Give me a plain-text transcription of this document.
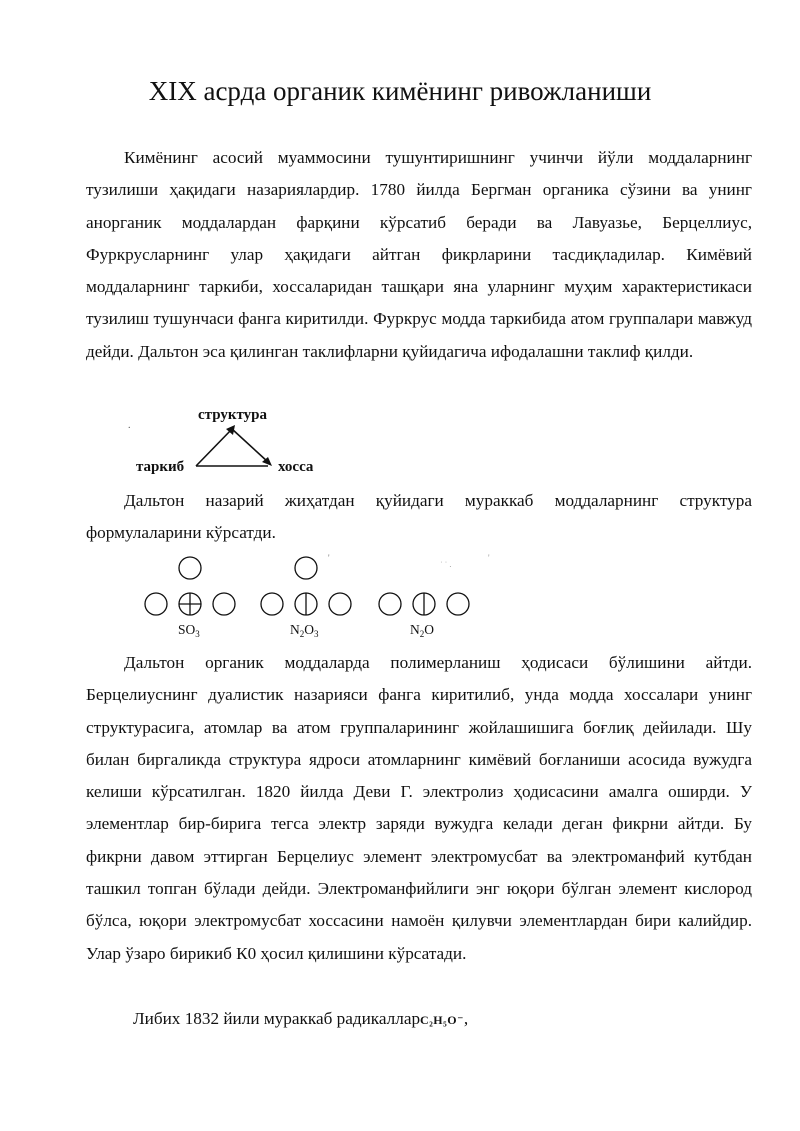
XIX асрда органик кимёнинг ривожланиши

Кимёнинг асосий муаммосини тушунтиришнинг учинчи йўли моддаларнинг тузилиши ҳақидаги назариялардир. 1780 йилда Бергман органика сўзини ва унинг анорганик моддалардан фарқини кўрсатиб беради ва Лавуазье, Берцеллиус, Фуркрусларнинг улар ҳақидаги айтган фикрларини тасдиқладилар. Кимёвий моддаларнинг таркиби, хоссаларидан ташқари яна уларнинг муҳим характеристикаси тузилиш тушунчаси фанга киритилди. Фуркрус модда таркибида атом группалари мавжуд дейди. Дальтон эса қилинган таклифларни қуйидагича ифодалашни таклиф қилди.

структура
таркиб	хосса
.

Дальтон назарий жиҳатдан қуйидаги мураккаб моддаларнинг структура формулаларини кўрсатди.

$SO_3$	$N_2O_3$
'
$N_2O$
˙ ˙ .
'

Дальтон органик моддаларда полимерланиш ҳодисаси бўлишини айтди. Берцелиуснинг дуалистик назарияси фанга киритилиб, унда модда хоссалари унинг структурасига, атомлар ва атом группаларининг жойлашишига боғлиқ дейилади. Шу билан биргаликда структура ядроси атомларнинг кимёвий боғланиши асосида вужудга келиши кўрсатилган. 1820 йилда Деви Г. электролиз ҳодисасини амалга оширди. У элементлар бир-бирига тегса электр заряди вужудга келади деган фикрни айтди. Бу фикрни давом эттирган Берцелиус элемент электромусбат ва электроманфий кутбдан ташкил топган бўлади дейди. Электроманфийлиги энг юқори бўлган элемент кислород бўлса, юқори электромусбат хоссасини намоён қилувчи элементлардан бири калийдир. Улар ўзаро бирикиб К0 ҳосил қилишини кўрсатади.

Либих 1832 йили мураккаб радикалларC₂H₅O⁻,
